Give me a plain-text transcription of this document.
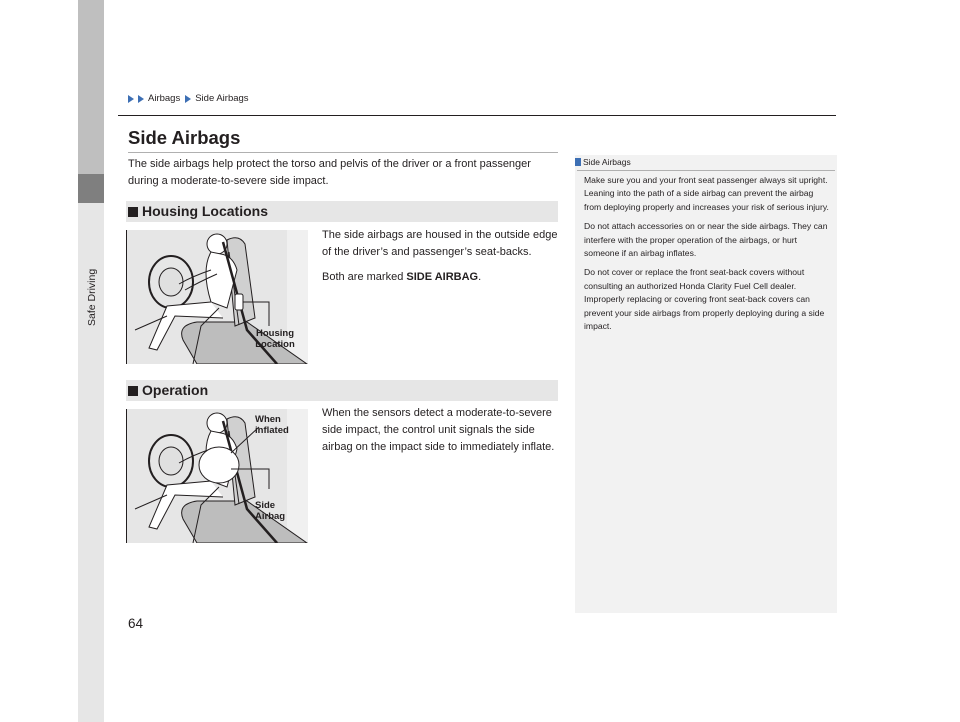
Safe Driving
Airbags Side Airbags
Side Airbags
The side airbags help protect the torso and pelvis of the driver or a front passenger during a moderate-to-severe side impact.
Housing Locations

The side airbags are housed in the outside edge of the driver’s and passenger’s seat-backs.

Both are marked SIDE AIRBAG.

Housing
Location
Operation

When the sensors detect a moderate-to-severe side impact, the control unit signals the side airbag on the impact side to immediately inflate.

When
inflated
Side
Airbag
Side Airbags

Make sure you and your front seat passenger always sit upright. Leaning into the path of a side airbag can prevent the airbag from deploying properly and increases your risk of serious injury.

Do not attach accessories on or near the side airbags. They can interfere with the proper operation of the airbags, or hurt someone if an airbag inflates.

Do not cover or replace the front seat-back covers without consulting an authorized Honda Clarity Fuel Cell dealer.

Improperly replacing or covering front seat-back covers can prevent your side airbags from properly deploying during a side impact.

64
